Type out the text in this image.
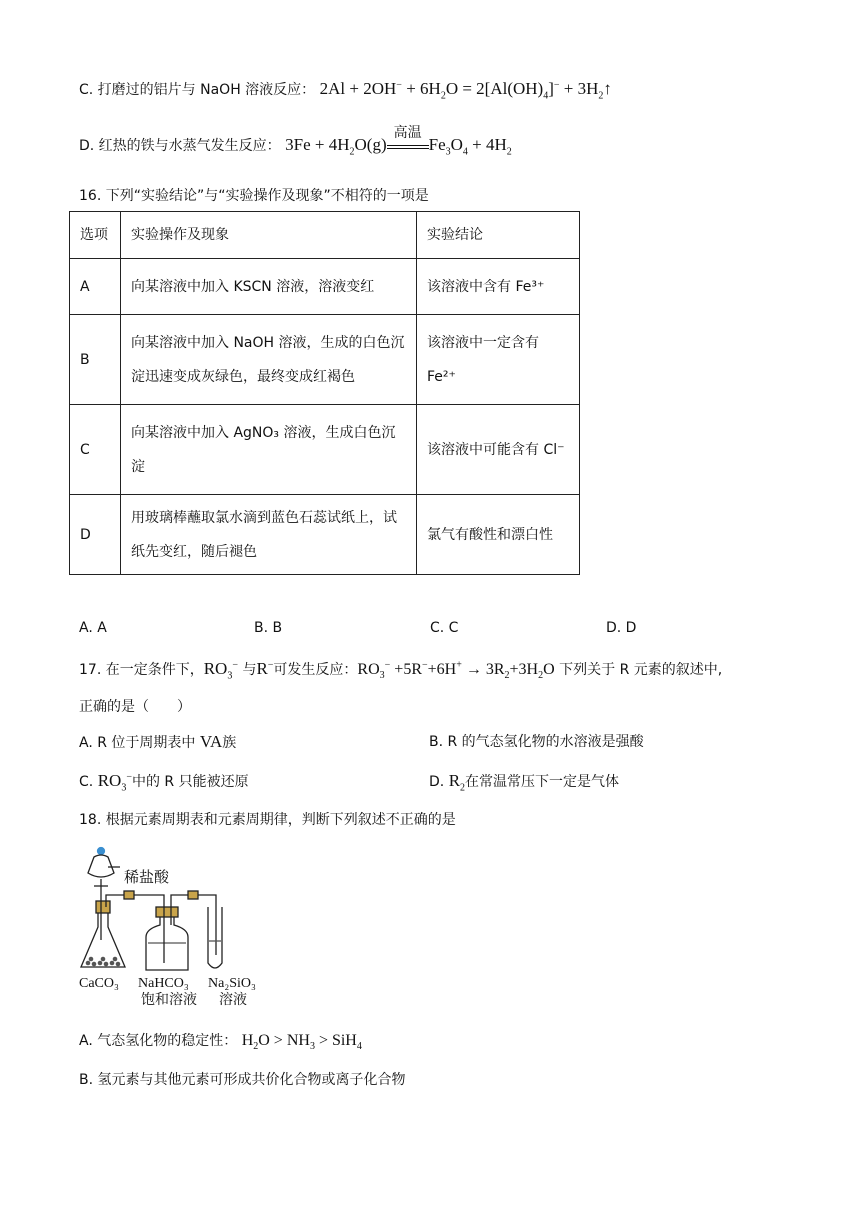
C. 打磨过的铝片与 NaOH 溶液反应： $2Al + 2OH^- + 6H_2O = 2[Al(OH)_4]^-$ + $3H_2↑$
D. 红热的铁与水蒸气发生反应： $3Fe + 4H_2O(g)$
高温
$Fe_3O_4 + 4H_2$
16. 下列“实验结论”与“实验操作及现象”不相符的一项是
选项	实验操作及现象	实验结论
A	向某溶液中加入 KSCN 溶液，溶液变红	该溶液中含有 Fe³⁺
B	向某溶液中加入 NaOH 溶液，生成的白色沉淀迅速变成灰绿色，最终变成红褐色	该溶液中一定含有 Fe²⁺
C	向某溶液中加入 AgNO₃ 溶液，生成白色沉淀	该溶液中可能含有 Cl⁻
D	用玻璃棒蘸取氯水滴到蓝色石蕊试纸上，试纸先变红，随后褪色	氯气有酸性和漂白性
A. A	B. B	C. C	D. D
17. 在一定条件下，$RO_3^-$ 与R−可发生反应：$RO_3^- +5R^-+6H^+ \to 3R_2+3H_2O$ 下列关于 R 元素的叙述中,
正确的是（　　）
A. R 位于周期表中 VA族	B. R 的气态氢化物的水溶液是强酸
C. $RO_3^-$中的 R 只能被还原	D. $R_2$在常温常压下一定是气体
18. 根据元素周期表和元素周期律，判断下列叙述不正确的是
稀盐酸
CaCO₃ NaHCO₃
饱和溶液
Na₂SiO₃
溶液
A. 气态氢化物的稳定性： $H_2O > NH_3 > SiH_4$
B. 氢元素与其他元素可形成共价化合物或离子化合物
